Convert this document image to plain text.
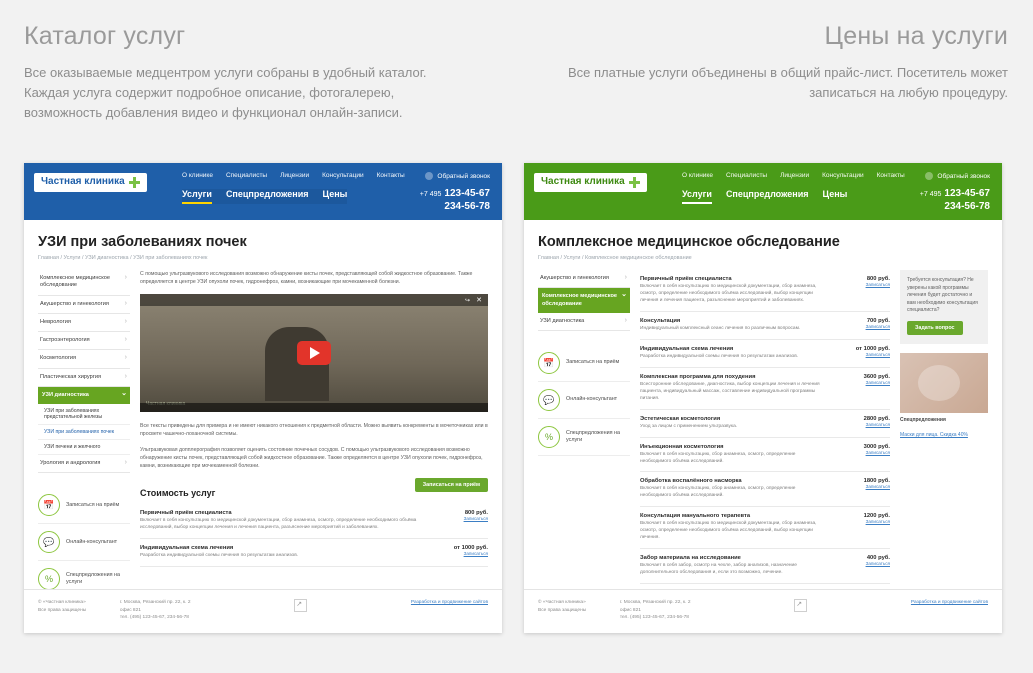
Каталог услуг

Все оказываемые медцентром услуги собраны в удобный каталог. Каждая услуга содержит подробное описание, фотогалерею, возможность добавления видео и функционал онлайн-записи.

Цены на услуги

Все платные услуги объединены в общий прайс-лист. Посетитель может записаться на любую процедуру.

Частная клиника
О клинике Специалисты Лицензии Консультации Контакты
Услуги Спецпредложения Цены
Обратный звонок
+7 495 123-45-67
234-56-78
УЗИ при заболеваниях почек
Главная / Услуги / УЗИ диагностика / УЗИ при заболеваниях почек
Комплексное медицинское обследование ›
Акушерство и гинекология ›
Неврология ›
Гастроэнтерология ›
Косметология ›
Пластическая хирургия ›
УЗИ диагностика ⌄
УЗИ при заболеваниях предстательной железы
УЗИ при заболеваниях почек
УЗИ печени и желчного
Урология и андрология ›
📅	Записаться на приём
💬	Онлайн-консультант
%	Спецпредложения на услуги

С помощью ультразвукового исследования возможно обнаружение кисты почек, представляющей собой жидкостное образование. Также определяется в центре УЗИ опухоли почек, гидронефроз, камни, возникающие при мочекаменной болезни.

↪ ✕

Все тексты приведены для примера и не имеют никакого отношения к предметной области. Можно выявить конкременты в мочеточниках или в просвете чашечно-лоханочной системы.

Ультразвуковая допплерография позволяет оценить состояние почечных сосудов. С помощью ультразвукового исследования возможно обнаружение кисты почек, представляющей собой жидкостное образование. Также определяется в центре УЗИ опухоли почек, гидронефроз, камни, возникающие при мочекаменной болезни.

Стоимость услуг
Записаться на приём
Первичный приём специалиста
Включает в себя консультацию по медицинской документации, сбор анамнеза, осмотр, определение необходимого объёма исследований, выбор концепции лечения и лечения пациента, разъяснение мероприятий и заболеваниях.
800 руб.
Записаться
Индивидуальная схема лечения
Разработка индивидуальной схемы лечения по результатам анализов.
от 1000 руб.
Записаться
© «Частная клиника»
Все права защищены
г. Москва, Рязанский пр. 22, к. 2
офис 821
тел. (495) 123-45-67, 234-56-78
↗
Разработка и продвижение сайтов
Частная клиника
О клинике Специалисты Лицензии Консультации Контакты
Услуги Спецпредложения Цены
Обратный звонок
+7 495 123-45-67
234-56-78
Комплексное медицинское обследование
Главная / Услуги / Комплексное медицинское обследование
Акушерство и гинекология ›
Комплексное медицинское обследование ⌄
УЗИ диагностика ›
📅	Записаться на приём
💬	Онлайн-консультант
%	Спецпредложения на услуги
Первичный приём специалиста
Включает в себя консультацию по медицинской документации, сбор анамнеза, осмотр, определение необходимого объёма исследований, выбор концепции лечения и лечения пациента, разъяснение мероприятий и заболеваниях.
800 руб.
Записаться
Консультация
Индивидуальный комплексный сеанс лечения по различным вопросам.
700 руб.
Записаться
Индивидуальная схема лечения
Разработка индивидуальной схемы лечения по результатам анализов.
от 1000 руб.
Записаться
Комплексная программа для похудения
Всесторонние обследование, диагностика, выбор концепции лечения и лечения пациента, индивидуальный массаж, составление индивидуальной программы питания.
3600 руб.
Записаться
Эстетическая косметология
Уход за лицом с применением ультразвука.
2800 руб.
Записаться
Инъекционная косметология
Включает в себя консультацию, сбор анамнеза, осмотр, определение необходимого объёма исследований.
3000 руб.
Записаться
Обработка воспалённого насморка
Включает в себя консультацию, сбор анамнеза, осмотр, определение необходимого объёма исследований.
1800 руб.
Записаться
Консультация мануального терапевта
Включает в себя консультацию по медицинской документации, сбор анамнеза, осмотр, определение необходимого объёма исследований, выбор концепции лечения.
1200 руб.
Записаться
Забор материала на исследование
Включает в себя забор, осмотр на чехле, забор анализов, назначение дополнительного обследования и, если это возможно, лечение.
400 руб.
Записаться
Требуется консультация? Не уверены какой программы лечения будет достаточно и вам необходимо консультация специалиста? Задать вопрос
Спецпредложения
Маски для лица. Скидка 40%
© «Частная клиника»
Все права защищены
г. Москва, Рязанский пр. 22, к. 2
офис 821
тел. (495) 123-45-67, 234-56-78
↗
Разработка и продвижение сайтов
